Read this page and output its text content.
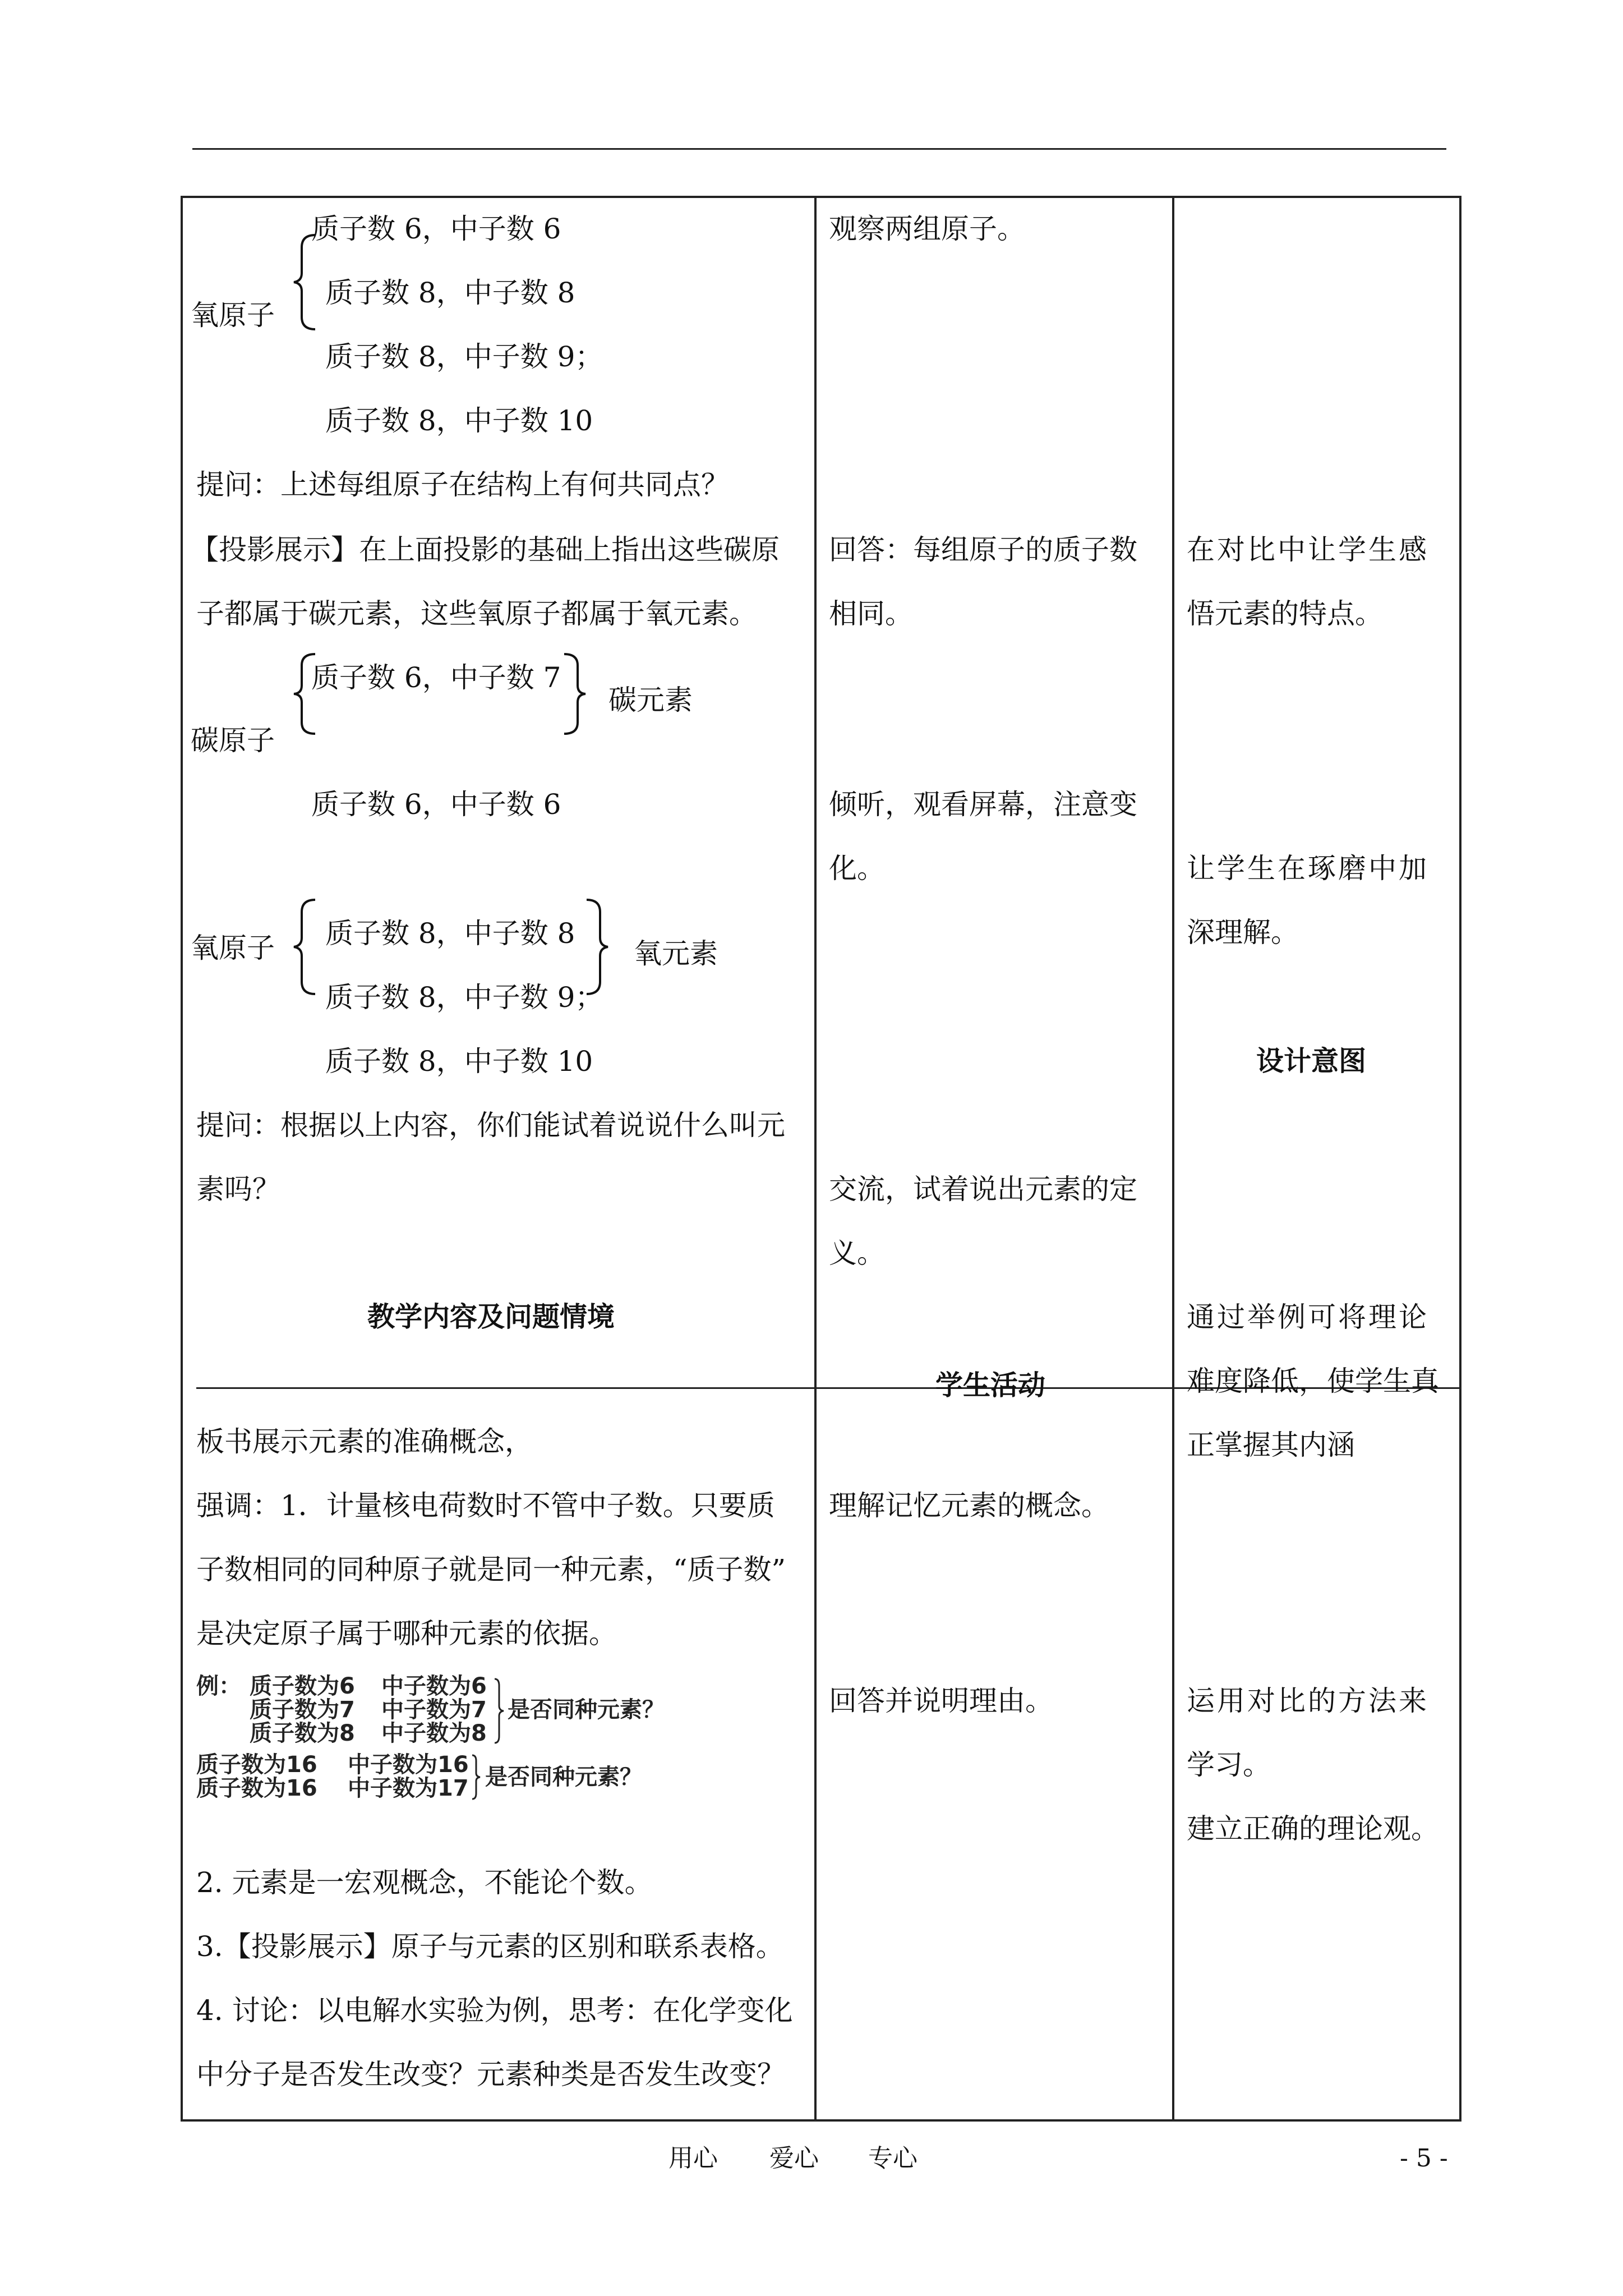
质子数 6，中子数 6
氧原子
质子数 8，中子数 8
质子数 8，中子数 9；
质子数 8，中子数 10
提问：上述每组原子在结构上有何共同点？
【投影展示】在上面投影的基础上指出这些碳原
子都属于碳元素，这些氧原子都属于氧元素。
质子数 6，中子数 7
碳元素
碳原子
质子数 6，中子数 6
氧原子 质子数 8，中子数 8
氧元素
质子数 8，中子数 9；
质子数 8，中子数 10
提问：根据以上内容，你们能试着说说什么叫元
素吗？
教学内容及问题情境
板书展示元素的准确概念，
强调：1．计量核电荷数时不管中子数。只要质
子数相同的同种原子就是同一种元素，“质子数”
是决定原子属于哪种元素的依据。
例： 质子数为6 中子数为6
质子数为7 中子数为7
质子数为8 中子数为8
是否同种元素？
质子数为16 中子数为16
质子数为16 中子数为17 是否同种元素？
2. 元素是一宏观概念，不能论个数。
3.【投影展示】原子与元素的区别和联系表格。
4. 讨论：以电解水实验为例，思考：在化学变化
中分子是否发生改变？元素种类是否发生改变？
观察两组原子。
回答：每组原子的质子数
相同。
倾听，观看屏幕，注意变
化。
交流，试着说出元素的定
义。
学生活动
理解记忆元素的概念。
回答并说明理由。
在对比中让学生感
悟元素的特点。
让学生在琢磨中加
深理解。
设计意图
通过举例可将理论
难度降低，使学生真
正掌握其内涵
运用对比的方法来
学习。
建立正确的理论观。
用心 爱心 专心	- 5 -
